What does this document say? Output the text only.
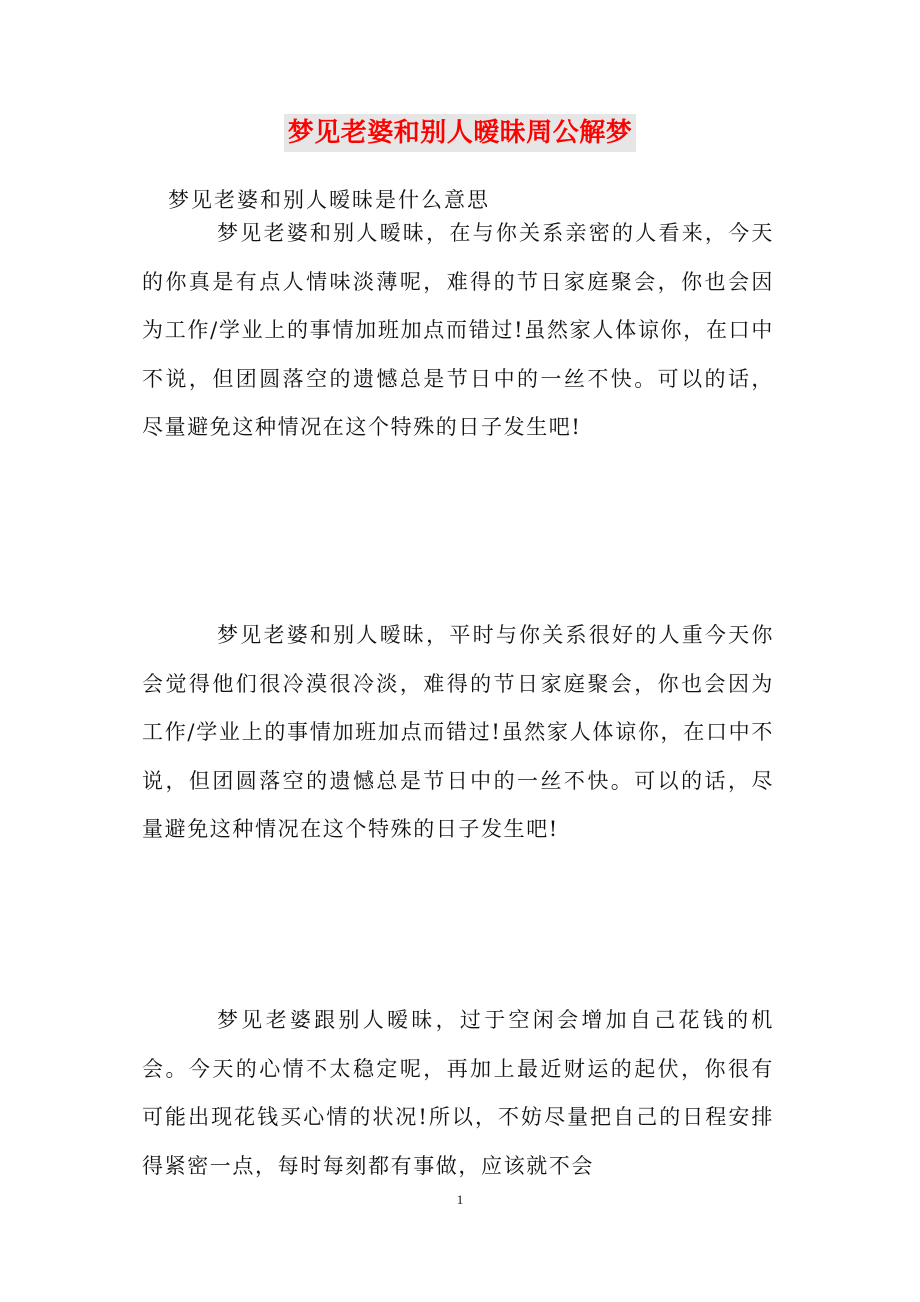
梦见老婆和别人暧昧周公解梦

梦见老婆和别人暧昧是什么意思

梦见老婆和别人暧昧，在与你关系亲密的人看来，今天的你真是有点人情味淡薄呢，难得的节日家庭聚会，你也会因为工作/学业上的事情加班加点而错过!虽然家人体谅你，在口中不说，但团圆落空的遗憾总是节日中的一丝不快。可以的话，尽量避免这种情况在这个特殊的日子发生吧!

梦见老婆和别人暧昧，平时与你关系很好的人重今天你会觉得他们很冷漠很冷淡，难得的节日家庭聚会，你也会因为工作/学业上的事情加班加点而错过!虽然家人体谅你，在口中不说，但团圆落空的遗憾总是节日中的一丝不快。可以的话，尽量避免这种情况在这个特殊的日子发生吧!

梦见老婆跟别人暧昧，过于空闲会增加自己花钱的机会。今天的心情不太稳定呢，再加上最近财运的起伏，你很有可能出现花钱买心情的状况!所以，不妨尽量把自己的日程安排得紧密一点，每时每刻都有事做，应该就不会

1
